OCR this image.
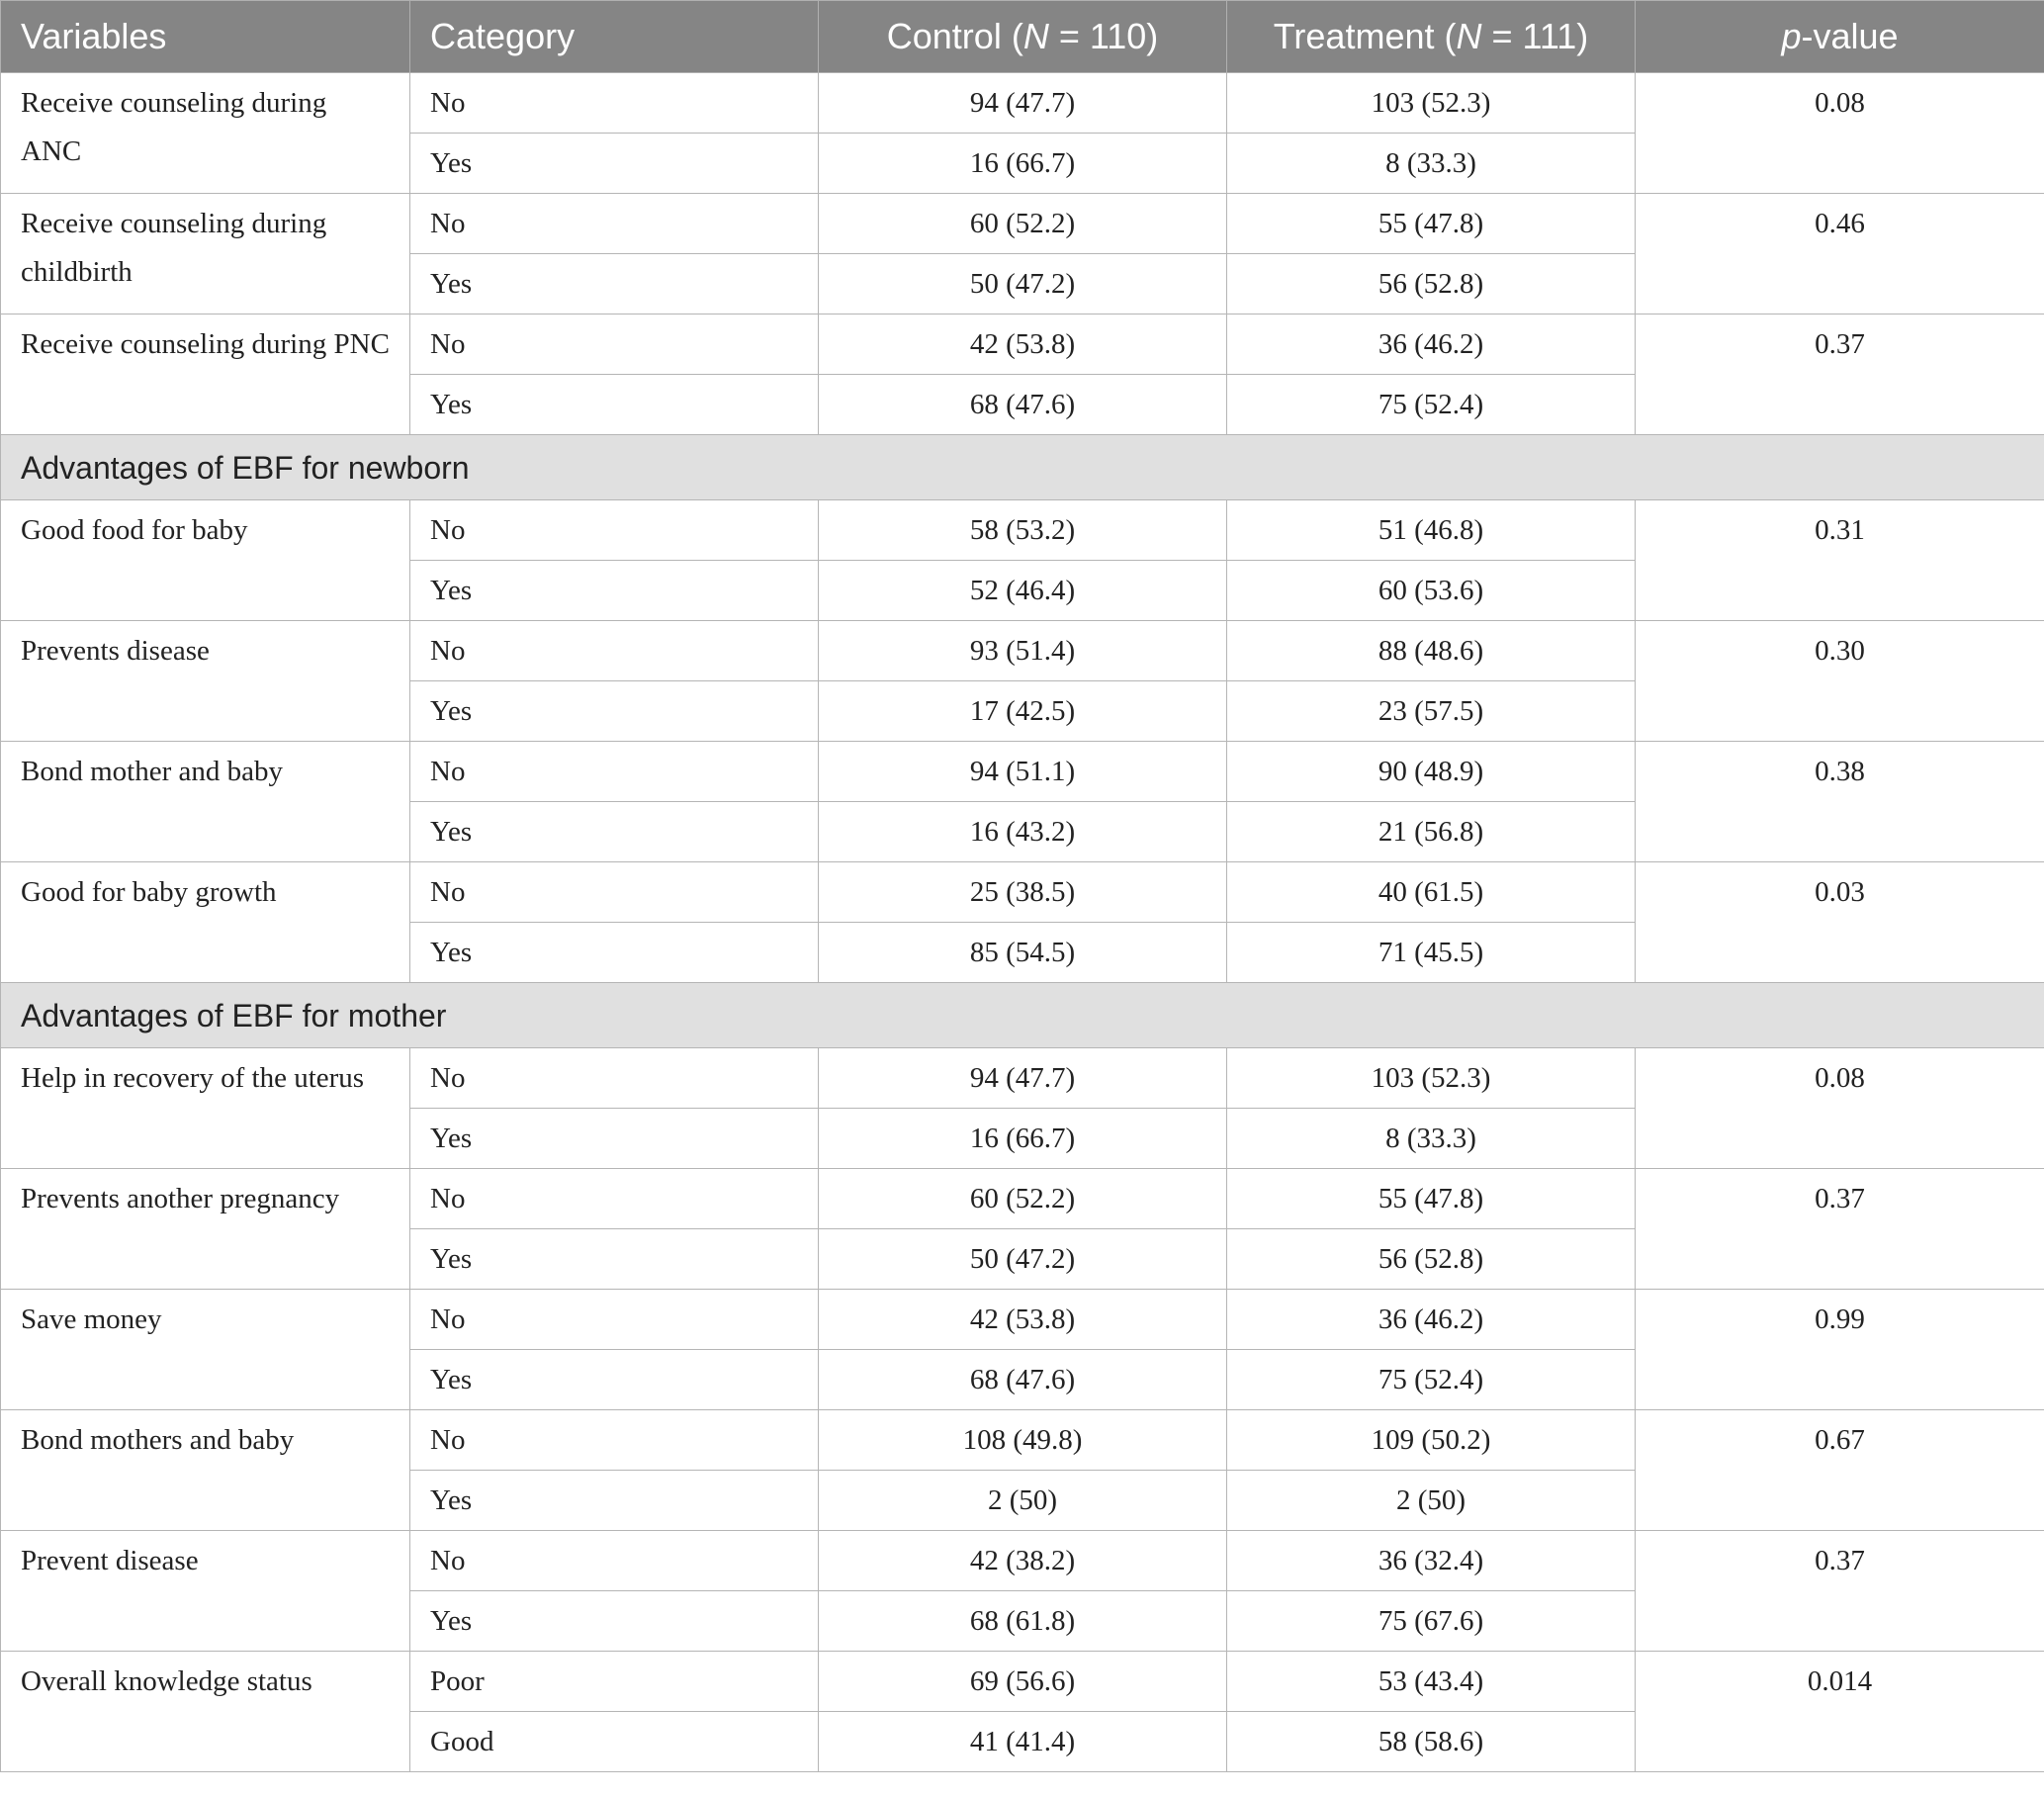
Variables	Category	Control (N = 110)	Treatment (N = 111)	p-value
Receive counseling during ANC	No	94 (47.7)	103 (52.3)	0.08
	Yes	16 (66.7)	8 (33.3)	
Receive counseling during childbirth	No	60 (52.2)	55 (47.8)	0.46
	Yes	50 (47.2)	56 (52.8)	
Receive counseling during PNC	No	42 (53.8)	36 (46.2)	0.37
	Yes	68 (47.6)	75 (52.4)	
Advantages of EBF for newborn				
Good food for baby	No	58 (53.2)	51 (46.8)	0.31
	Yes	52 (46.4)	60 (53.6)	
Prevents disease	No	93 (51.4)	88 (48.6)	0.30
	Yes	17 (42.5)	23 (57.5)	
Bond mother and baby	No	94 (51.1)	90 (48.9)	0.38
	Yes	16 (43.2)	21 (56.8)	
Good for baby growth	No	25 (38.5)	40 (61.5)	0.03
	Yes	85 (54.5)	71 (45.5)	
Advantages of EBF for mother				
Help in recovery of the uterus	No	94 (47.7)	103 (52.3)	0.08
	Yes	16 (66.7)	8 (33.3)	
Prevents another pregnancy	No	60 (52.2)	55 (47.8)	0.37
	Yes	50 (47.2)	56 (52.8)	
Save money	No	42 (53.8)	36 (46.2)	0.99
	Yes	68 (47.6)	75 (52.4)	
Bond mothers and baby	No	108 (49.8)	109 (50.2)	0.67
	Yes	2 (50)	2 (50)	
Prevent disease	No	42 (38.2)	36 (32.4)	0.37
	Yes	68 (61.8)	75 (67.6)	
Overall knowledge status	Poor	69 (56.6)	53 (43.4)	0.014
	Good	41 (41.4)	58 (58.6)	
